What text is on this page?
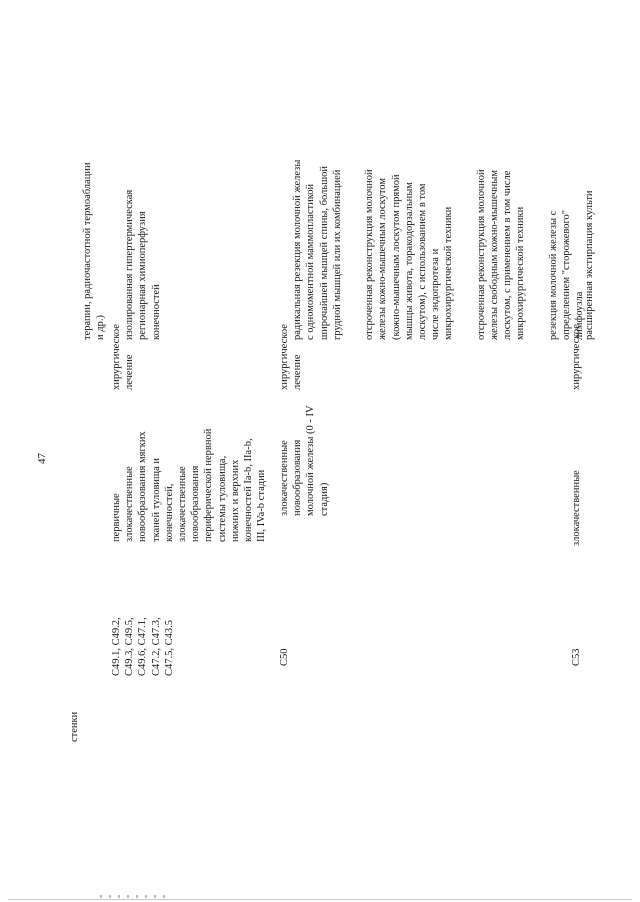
47
стенки

терапии, радиочастотной термоаблации
и др.)

C49.1, C49.2,
C49.3, C49.5,
C49.6, C47.1,
C47.2, C47.3,
C47.5, C43.5
первичные
злокачественные
новообразования мягких
тканей туловища и
конечностей,
злокачественные
новообразования
периферической нервной
системы туловища,
нижних и верхних
конечностей Ia-b, IIa-b,
III, IVa-b стадии
хирургическое
лечение

изолированная гипертермическая
регионарная химиоперфузия
конечностей

C50
злокачественные
новообразования
молочной железы (0 - IV
стадия)
хирургическое
лечение

радикальная резекция молочной железы
с одномоментной маммопластикой
широчайшей мышцей спины, большой
грудной мышцей или их комбинацией

отсроченная реконструкция молочной
железы кожно-мышечным лоскутом
(кожно-мышечным лоскутом прямой
мышцы живота, торакодорзальным
лоскутом), с использованием в том
числе эндопротеза и
микрохирургической техники

отсроченная реконструкция молочной
железы свободным кожно-мышечным
лоскутом, с применением в том числе
микрохирургической техники

резекция молочной железы с
определением "сторожевого"
лимфоузла

C53
злокачественные
хирургическое

расширенная экстирпация культи
